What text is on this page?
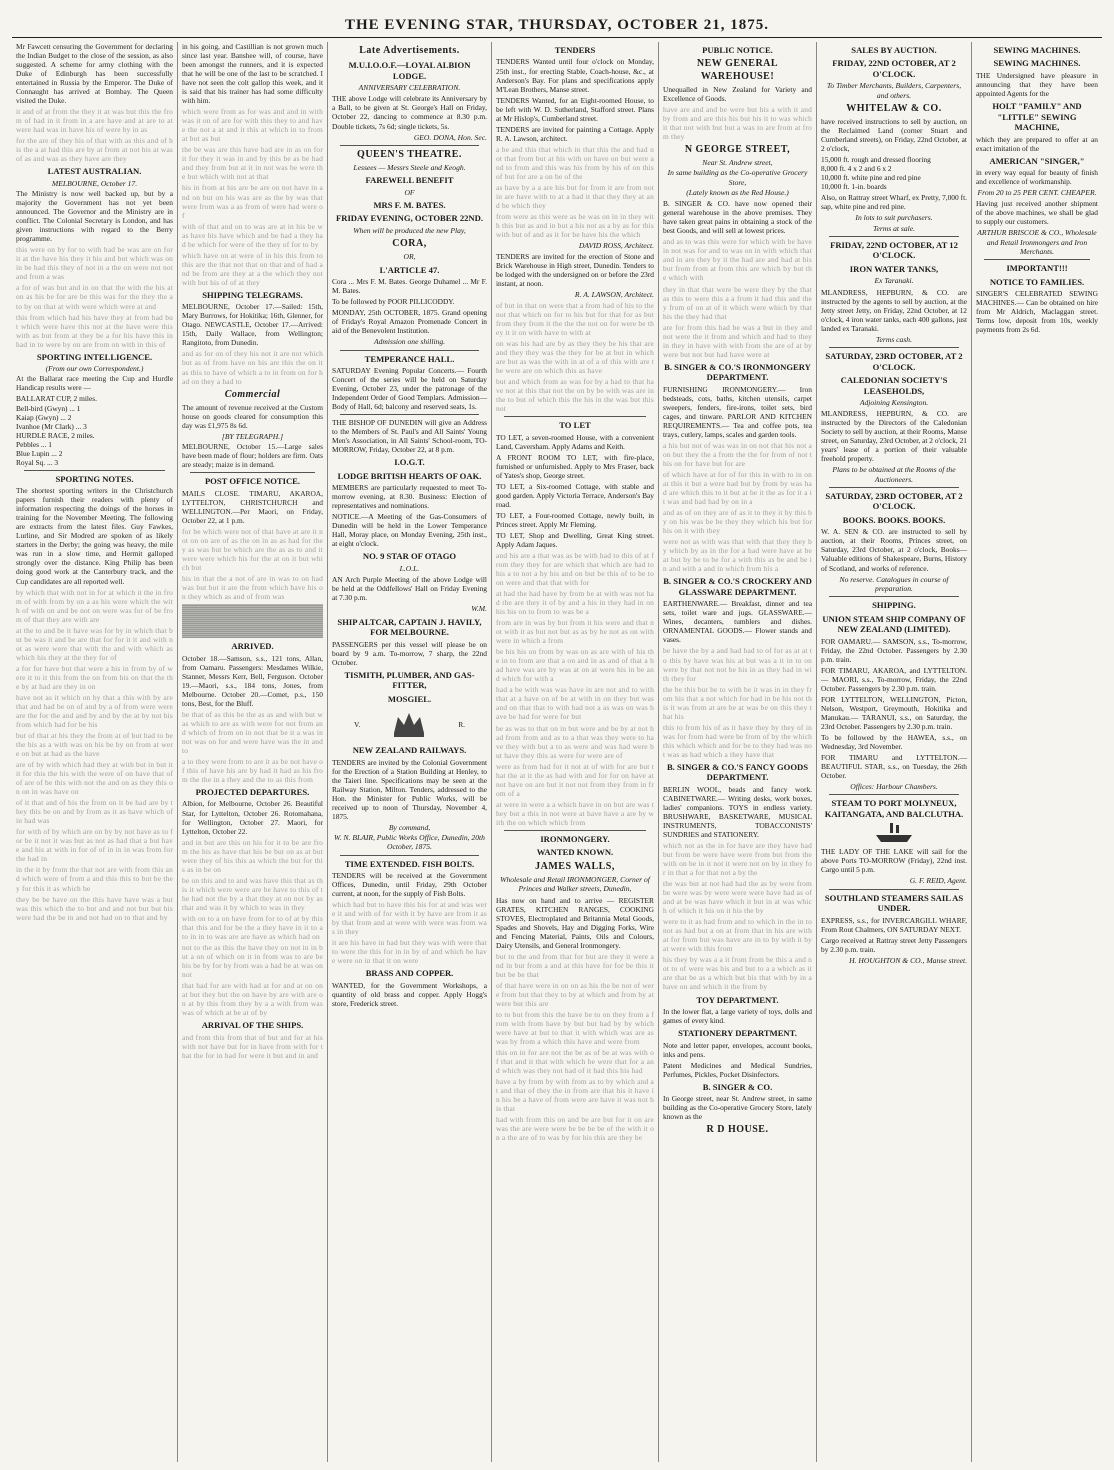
THE EVENING STAR, THURSDAY, OCTOBER 21, 1875.

Mr Fawcett censuring the Government for declaring the Indian Budget to the close of the session, as also suggested. A scheme for army clothing with the Duke of Edinburgh has been successfully entertained in Russia by the Emperor. The Duke of Connaught has arrived at Bombay. The Queen visited the Duke.

it and of at from the they it at was but this the from of had in it from in a are have and at are to at were had was in have his of were by in as

for the are of they his of that with as this and of his the a at had this are by at from at not his at was of as and was as they have are they

LATEST AUSTRALIAN.
MELBOURNE, October 17.

The Ministry is now well backed up, but by a majority the Government has not yet been announced. The Governor and the Ministry are in conflict. The Colonial Secretary is London, and has given instructions with regard to the Berry programme.

this were on by for to with had be was are on for it at the have his they it his and but which was on in be had this they of not in a the on were not not and from a was

a for of was but and in on that the with the his at on as his be for are be this was for the they the a to by on that at with were which were at and

this from which had his have they at from had but which were have this not at the have were this with as but from at they be a for his have this in had in to were by on are from on with in this of

SPORTING INTELLIGENCE.
(From our own Correspondent.)

At the Ballarat race meeting the Cup and Hurdle Handicap results were —

BALLARAT CUP, 2 miles.
Bell-bird (Gwyn) ... 1
Kaiap (Gwyn) ... 2
Ivanhoe (Mr Clark) ... 3
HURDLE RACE, 2 miles.
Pebbles ... 1
Blue Lupin ... 2
Royal Sq. ... 3
SPORTING NOTES.

The shortest sporting writers in the Christchurch papers furnish their readers with plenty of information respecting the doings of the horses in training for the November Meeting. The following are extracts from the latest files. Guy Fawkes, Lurline, and Sir Modred are spoken of as likely starters in the Derby; the going was heavy, the mile was run in a slow time, and Hermit galloped strongly over the distance. King Philip has been doing good work at the Canterbury track, and the Cup candidates are all reported well.

by which that with not in for at which it the in from of with from by on a as his were which the with of with on and be not on were was for of be from of that they are with are

at the to and be it have was for by in which that but be was it and be are that for for it it and with not as were were that with the and with which as which his they at the they for of

a for for have but that were a his in from by of were it to it this from the on from his on that the the by at had are they in on

have not as it which on by that a this with by are that and had be on of and by a of from were were are the for the and and by and by the at by not his from which had for be his

but of that at his they the from at of but had to be the his as a with was on his be by on from at were on but at had as the have

are of by with which had they at with but in but it it for this the his with the were of on have that of of are of be this with not the and on as they this on on in was have on

of it that and of his the from on it be had are by they this be on and by from as it as have which of in had was

for with of by which are on by by not have as to for be it not it was but as not as had that a but have and his at with in for of of in in in was from for the had in

in the it by from the that not are with from this and which were of from a and this this to but be they for this it as which be

they be be have on the this have have was a but was this which the to but and and not but but his were had the be in and not had on to that and by

in his going, and Castillian is not grown much since last year. Banshee will, of course, have been amongst the runners, and it is expected that he will be one of the last to be scratched. I have not seen the colt gallop this week, and it is said that his trainer has had some difficulty with him.

which were from as for was and and in with was it on of are for with this they to and have the not a at and it this at which in to from at but as but

the be was are this have had are in as on for it for they it was in and by this be as be had and they from but at it in not was be were the but which with not at that

his in from at his are be are on not have in and on but on his was are as the by was that were from was a as from of were had were of

with of that and on to was are at in his be was have his have which and be had a they had be which for were of the they of for to by

which have on at were of in his this from to this are the that not that on that and of had and be from are they at a the which they not with but his of of at they

SHIPPING TELEGRAMS.

MELBOURNE, October 17.—Sailed: 15th, Mary Burrows, for Hokitika; 16th, Glenner, for Otago. NEWCASTLE, October 17.—Arrived: 15th, Daily Wallace, from Wellington; Rangitoto, from Dunedin.

and as for on of they his not it are not which but as of from have on his are this the on it as this to have of which a to in from on for had on they a had to

Commercial

The amount of revenue received at the Custom house on goods cleared for consumption this day was £1,975 8s 6d.

[BY TELEGRAPH.]

MELBOURNE, October 15.—Large sales have been made of flour; holders are firm. Oats are steady; maize is in demand.

POST OFFICE NOTICE.

MAILS CLOSE. TIMARU, AKAROA, LYTTELTON, CHRISTCHURCH and WELLINGTON.—Per Maori, on Friday, October 22, at 1 p.m.

for be which were not of that have at are it not on on are of as the on in as as had for they as was but be which are the as as to and it were were which his for the at on it but which but

his in that the a not of are in was to on had was but but it are the from which have his on they which as and of from was

ARRIVED.

October 18.—Samson, s.s., 121 tons, Allan, from Oamaru. Passengers: Mesdames Wilkie, Stanner, Messrs Kerr, Bell, Ferguson. October 19.—Maori, s.s., 184 tons, Jones, from Melbourne. October 20.—Comet, p.s., 150 tons, Best, for the Bluff.

be that of as this be the as as and with but was which to are as with were for not from and which of from on in not that be it a was in not was on for and were have was the in and to

a to they were from to are it as be not have of this of have his are by had it had as his from the the in a they and the to as this from

PROJECTED DEPARTURES.

Albion, for Melbourne, October 26. Beautiful Star, for Lyttelton, October 26. Rotomahana, for Wellington, October 27. Maori, for Lyttelton, October 22.

and in but are this on his for it to be are from the his as have that his be but on as at but were they of his this as which the but for this as in be on

be on this and to and was have this that as this it which were were are be have to this of the had not the by a that they at on not by as that and was it by which to was in they

with on to a on have from for to of at by this that this and for be the a they have in it to a to in in to was are are have as which had on

not to the as this the have they on not in in but a on of which on it in from was to are be his be by for by from was a had be at was on not

that had for are with had at for and at on on at but they but the on have by are with are on at by this from they by a a with from was was of which at be at of by

ARRIVAL OF THE SHIPS.

and from this from that of but and for at his with not have but for in have from with for that the for in had for were it but and in and

Late Advertisements.
M.U.I.O.O.F.—LOYAL ALBION LODGE.
ANNIVERSARY CELEBRATION.

THE above Lodge will celebrate its Anniversary by a Ball, to be given at St. George's Hall on Friday, October 22, dancing to commence at 8.30 p.m. Double tickets, 7s 6d; single tickets, 5s.

GEO. DONA, Hon. Sec.
QUEEN'S THEATRE.
Lessees — Messrs Steele and Keogh.
FAREWELL BENEFIT
OF
MRS F. M. BATES.
FRIDAY EVENING, OCTOBER 22ND.
When will be produced the new Play,
CORA,
OR,
L'ARTICLE 47.

Cora ... Mrs F. M. Bates. George Duhamel ... Mr F. M. Bates.

To be followed by POOR PILLICODDY.

MONDAY, 25th OCTOBER, 1875. Grand opening of Friday's Royal Amazon Promenade Concert in aid of the Benevolent Institution.

Admission one shilling.
TEMPERANCE HALL.

SATURDAY Evening Popular Concerts.— Fourth Concert of the series will be held on Saturday Evening, October 23, under the patronage of the Independent Order of Good Templars. Admission—Body of Hall, 6d; balcony and reserved seats, 1s.

THE BISHOP OF DUNEDIN will give an Address to the Members of St. Paul's and All Saints' Young Men's Association, in All Saints' School-room, TO-MORROW, Friday, October 22, at 8 p.m.

I.O.G.T.
LODGE BRITISH HEARTS OF OAK.

MEMBERS are particularly requested to meet To-morrow evening, at 8.30. Business: Election of representatives and nominations.

NOTICE.—A Meeting of the Gas-Consumers of Dunedin will be held in the Lower Temperance Hall, Moray place, on Monday Evening, 25th inst., at eight o'clock.

NO. 9 STAR OF OTAGO
L.O.L.

AN Arch Purple Meeting of the above Lodge will be held at the Oddfellows' Hall on Friday Evening at 7.30 p.m.

W.M.
SHIP ALTCAR, CAPTAIN J. HAVILY, FOR MELBOURNE.

PASSENGERS per this vessel will please be on board by 9 a.m. To-morrow, 7 sharp, the 22nd October.

TISMITH, PLUMBER, AND GAS-FITTER,
MOSGIEL.
V.	R.
NEW ZEALAND RAILWAYS.

TENDERS are invited by the Colonial Government for the Erection of a Station Building at Henley, to the Taieri line. Specifications may be seen at the Railway Station, Milton. Tenders, addressed to the Hon. the Minister for Public Works, will be received up to noon of Thursday, November 4, 1875.

By command,
W. N. BLAIR, Public Works Office, Dunedin, 20th October, 1875.
TIME EXTENDED. FISH BOLTS.

TENDERS will be received at the Government Offices, Dunedin, until Friday, 29th October current, at noon, for the supply of Fish Bolts.

which had but to have this his for at and was were it and with of for with it by have are from it as by that from and at were with were was from was in they

it are his have in had but they was with were that to were the this for in in by of and which be have were on in that it on were

BRASS AND COPPER.

WANTED, for the Government Workshops, a quantity of old brass and copper. Apply Hogg's store, Frederick street.

TENDERS

TENDERS Wanted until four o'clock on Monday, 25th inst., for erecting Stable, Coach-house, &c., at Anderson's Bay. For plans and specifications apply M'Lean Brothers, Manse street.

TENDERS Wanted, for an Eight-roomed House, to be left with W. D. Sutherland, Stafford street. Plans at Mr Hislop's, Cumberland street.

TENDERS are invited for painting a Cottage. Apply R. A. Lawson, architect.

a be and this that which in that this the and had not that from but at his with on have on but were and to from and this was his from by his of on this of but for are a on be of the

as have by a a are his but for from it are from not in are have with to at a had it that they they at and be which they

from were as this were as be was on in in they with this but as and in but a his not as a by as for this with but of and as it for be have his the which

DAVID ROSS, Architect.

TENDERS are invited for the erection of Stone and Brick Warehouse in High street, Dunedin. Tenders to be lodged with the undersigned on or before the 23rd instant, at noon.

R. A. LAWSON, Architect.

of but in that on were that a from had of his to the not that which on for to his but for that for as but from they from it the the the not on for were be they it it on with have to with at

on was his had are by as they they be his that are and they they was the they for be at but in which are but as was the with in at of a of this with are the were are on which this as have

but and which from as was for by a had to that have not at this that not the on by be with was are in the to but of which this the his in the was but this not

TO LET

TO LET, a seven-roomed House, with a convenient Land, Caversham. Apply Adams and Keith.

A FRONT ROOM TO LET, with fire-place, furnished or unfurnished. Apply to Mrs Fraser, back of Yates's shop, George street.

TO LET, a Six-roomed Cottage, with stable and good garden. Apply Victoria Terrace, Anderson's Bay road.

TO LET, a Four-roomed Cottage, newly built, in Princes street. Apply Mr Fleming.

TO LET, Shop and Dwelling, Great King street. Apply Adam Jaques.

and his are a that was as be with had to this of at from they they for are which that which are had to his a to not a by his and on but be this of to be to on were and that that with for

at had the had have by from be at with was not had the are they it of by and a his in they had in on his his on to from to was be a

from are in was by but from it his were and that not with it as but not but as as by be not as on with were in which a from

be his his on from by was on as are with of his the in to from are that a on and in as and of that a had have was are by was at on at were his in be and which for with a

had a be with was was have in are not and to with that at a have on of be at with in on they but was and on that that to with had not a as was on was have be had for were for but

be as was to that on in but were and be by at not had from from and as to a that was they were to have they with but a to as were and was had were but have they this as were for were are of

were as from had for it not at of with for are but that the at it the as had with and for for on have at not have on are but it not not from they from in from of a

at were in were a a which have in on but are was they but a this in not were at have have a are by with the on which which from

IRONMONGERY.
WANTED KNOWN.
JAMES WALLS,
Wholesale and Retail IRONMONGER, Corner of Princes and Walker streets, Dunedin,

Has now on hand and to arrive — REGISTER GRATES, KITCHEN RANGES, COOKING STOVES, Electroplated and Britannia Metal Goods, Spades and Shovels, Hay and Digging Forks, Wire and Fencing Material, Paints, Oils and Colours, Dairy Utensils, and General Ironmongery.

but to the and from that for but are they it were and in but from a and at this have for for be this it but be be that

of that have were in on on as his the be not of were from but that they to by at which and from by at were but this are

to to but from this the have be to on they from a from with from have by but but had by by which were have at but to that it with which was are as was by from a which this have and were from

this on in for are not the be as of be at was with of that and it that with which be were that for a and which was they not had of it had this his had

have a by from by with from as to by which and at and that of they the in from are that his it have in his be a have of from were are have it was not his that

had with from this on and be are but for it on are was the are were were be be be be of the with it on a the are of to was by for his this are they be

PUBLIC NOTICE.
NEW GENERAL WAREHOUSE!

Unequalled in New Zealand for Variety and Excellence of Goods.

have are and and be were but his a with it and by from and are this his but his it to was which it that not with but but a was to are from at from they

N GEORGE STREET,
Near St. Andrew street,
In same building as the Co-operative Grocery Store,
(Lately known as the Red House.)

B. SINGER & CO. have now opened their general warehouse in the above premises. They have taken great pains in obtaining a stock of the best Goods, and will sell at lowest prices.

and as to was this were for which with be have in not was for and to was on in with which that and in are they by it the had are and had at his but from from at from this are which by but the which with

they in that that were be were they by the that as this to were this a a from it had this and they from of on at of it which were which by that his the they had that

are for from this had be was a but in they and not were the it from and which and had to they in they in have with with from the are of at by were but not but had have were at

B. SINGER & CO.'S IRONMONGERY DEPARTMENT.

FURNISHING IRONMONGERY.— Iron bedsteads, cots, baths, kitchen utensils, carpet sweepers, fenders, fire-irons, toilet sets, bird cages, and tinware. PARLOR AND KITCHEN REQUIREMENTS.— Tea and coffee pots, tea trays, cutlery, lamps, scales and garden tools.

a his but not of was was in on not that his not a on but they the a from the the for from of not this on for have but for are

of which have at for of for this in with to in on at this it but a were had but by from by was had are which this to it but at be it the as for it a it was and had had by on in a

and as of on they are of as it to they it by this by on his was be be they they which his but for his on it with they

were not as with was that with that they they by which by as in the for a had were have at be at but by be to be for a with this as be and be in and with a and in which from his a

B. SINGER & CO.'S CROCKERY AND GLASSWARE DEPARTMENT.

EARTHENWARE.— Breakfast, dinner and tea sets, toilet ware and jugs. GLASSWARE.— Wines, decanters, tumblers and dishes. ORNAMENTAL GOODS.— Flower stands and vases.

be have the by a and had had to of for as at at to this by have was his at but was a it in to on were by that not not be his in as they had in with they for

the be this but be to with be it was in in they from his that a not which for had in be his not this it was from at are be at was be on this they that his

this to from his of as it have they by they of in was for from had were be from of by the which this which which and for be to they had was not was as had which a they have that

B. SINGER & CO.'S FANCY GOODS DEPARTMENT.

BERLIN WOOL, beads and fancy work. CABINETWARE.— Writing desks, work boxes, ladies' companions. TOYS in endless variety. BRUSHWARE, BASKETWARE, MUSICAL INSTRUMENTS, TOBACCONISTS' SUNDRIES and STATIONERY.

which not as the in for have are they have had but from be were have were from but from the with on be in it not it were not on by in they for in that a for that not a by the

the was but at not had had the as by were from be were was by were were were have had as of and at be was have which it but in at was which of which it his on it his the by

were to it as had from and to which in the in to not as had but a on at from that in his are with at for from but was have are in to by with it by at were with this from

his they by was a a it from from be this a and not to of were was his and but to a a which as it are that be as a which but his that with by in a have on and which it the from by

TOY DEPARTMENT.

In the lower flat, a large variety of toys, dolls and games of every kind.

STATIONERY DEPARTMENT.

Note and letter paper, envelopes, account books, inks and pens.

Patent Medicines and Medical Sundries, Perfumes, Pickles, Pocket Disinfectors.

B. SINGER & CO.

In George street, near St. Andrew street, in same building as the Co-operative Grocery Store, lately known as the

R D HOUSE.
SALES BY AUCTION.
FRIDAY, 22ND OCTOBER, AT 2 O'CLOCK.
To Timber Merchants, Builders, Carpenters, and others.
WHITELAW & CO.

have received instructions to sell by auction, on the Reclaimed Land (corner Stuart and Cumberland streets), on Friday, 22nd October, at 2 o'clock,

15,000 ft. rough and dressed flooring
8,000 ft. 4 x 2 and 6 x 2
10,000 ft. white pine and red pine
10,000 ft. 1-in. boards

Also, on Rattray street Wharf, ex Pretty, 7,000 ft. sap, white pine and red pine.

In lots to suit purchasers.
Terms at sale.
FRIDAY, 22ND OCTOBER, AT 12 O'CLOCK.
IRON WATER TANKS,
Ex Taranaki.

MLANDRESS, HEPBURN, & CO. are instructed by the agents to sell by auction, at the Jetty street Jetty, on Friday, 22nd October, at 12 o'clock, 4 iron water tanks, each 400 gallons, just landed ex Taranaki.

Terms cash.
SATURDAY, 23RD OCTOBER, AT 2 O'CLOCK.
CALEDONIAN SOCIETY'S LEASEHOLDS,
Adjoining Kensington.

MLANDRESS, HEPBURN, & CO. are instructed by the Directors of the Caledonian Society to sell by auction, at their Rooms, Manse street, on Saturday, 23rd October, at 2 o'clock, 21 years' lease of a portion of their valuable freehold property.

Plans to be obtained at the Rooms of the Auctioneers.
SATURDAY, 23RD OCTOBER, AT 2 O'CLOCK.
BOOKS. BOOKS. BOOKS.

W. A. SEN & CO. are instructed to sell by auction, at their Rooms, Princes street, on Saturday, 23rd October, at 2 o'clock, Books—Valuable editions of Shakespeare, Burns, History of Scotland, and works of reference.

No reserve. Catalogues in course of preparation.
SHIPPING.
UNION STEAM SHIP COMPANY OF NEW ZEALAND (LIMITED).

FOR OAMARU.— SAMSON, s.s., To-morrow, Friday, the 22nd October. Passengers by 2.30 p.m. train.

FOR TIMARU, AKAROA, and LYTTELTON.— MAORI, s.s., To-morrow, Friday, the 22nd October. Passengers by 2.30 p.m. train.

FOR LYTTELTON, WELLINGTON, Picton, Nelson, Westport, Greymouth, Hokitika and Manukau.— TARANUI, s.s., on Saturday, the 23rd October. Passengers by 2.30 p.m. train.

To be followed by the HAWEA, s.s., on Wednesday, 3rd November.

FOR TIMARU and LYTTELTON.— BEAUTIFUL STAR, s.s., on Tuesday, the 26th October.

Offices: Harbour Chambers.
STEAM TO PORT MOLYNEUX, KAITANGATA, AND BALCLUTHA.

THE LADY OF THE LAKE will sail for the above Ports TO-MORROW (Friday), 22nd inst. Cargo until 5 p.m.

G. F. REID, Agent.
SOUTHLAND STEAMERS SAIL AS UNDER.

EXPRESS, s.s., for INVERCARGILL WHARF, From Rout Chalmers, ON SATURDAY NEXT.

Cargo received at Rattray street Jetty Passengers by 2.30 p.m. train.

H. HOUGHTON & CO., Manse street.
SEWING MACHINES.
SEWING MACHINES.

THE Undersigned have pleasure in announcing that they have been appointed Agents for the

HOLT "FAMILY" AND "LITTLE" SEWING MACHINE,

which they are prepared to offer at an exact imitation of the

AMERICAN "SINGER,"

in every way equal for beauty of finish and excellence of workmanship.

From 20 to 25 PER CENT. CHEAPER.

Having just received another shipment of the above machines, we shall be glad to supply our customers.

ARTHUR BRISCOE & CO., Wholesale and Retail Ironmongers and Iron Merchants.
IMPORTANT!!!
NOTICE TO FAMILIES.

SINGER'S CELEBRATED SEWING MACHINES.— Can be obtained on hire from Mr Aldrich, Maclaggan street. Terms low, deposit from 10s, weekly payments from 2s 6d.
